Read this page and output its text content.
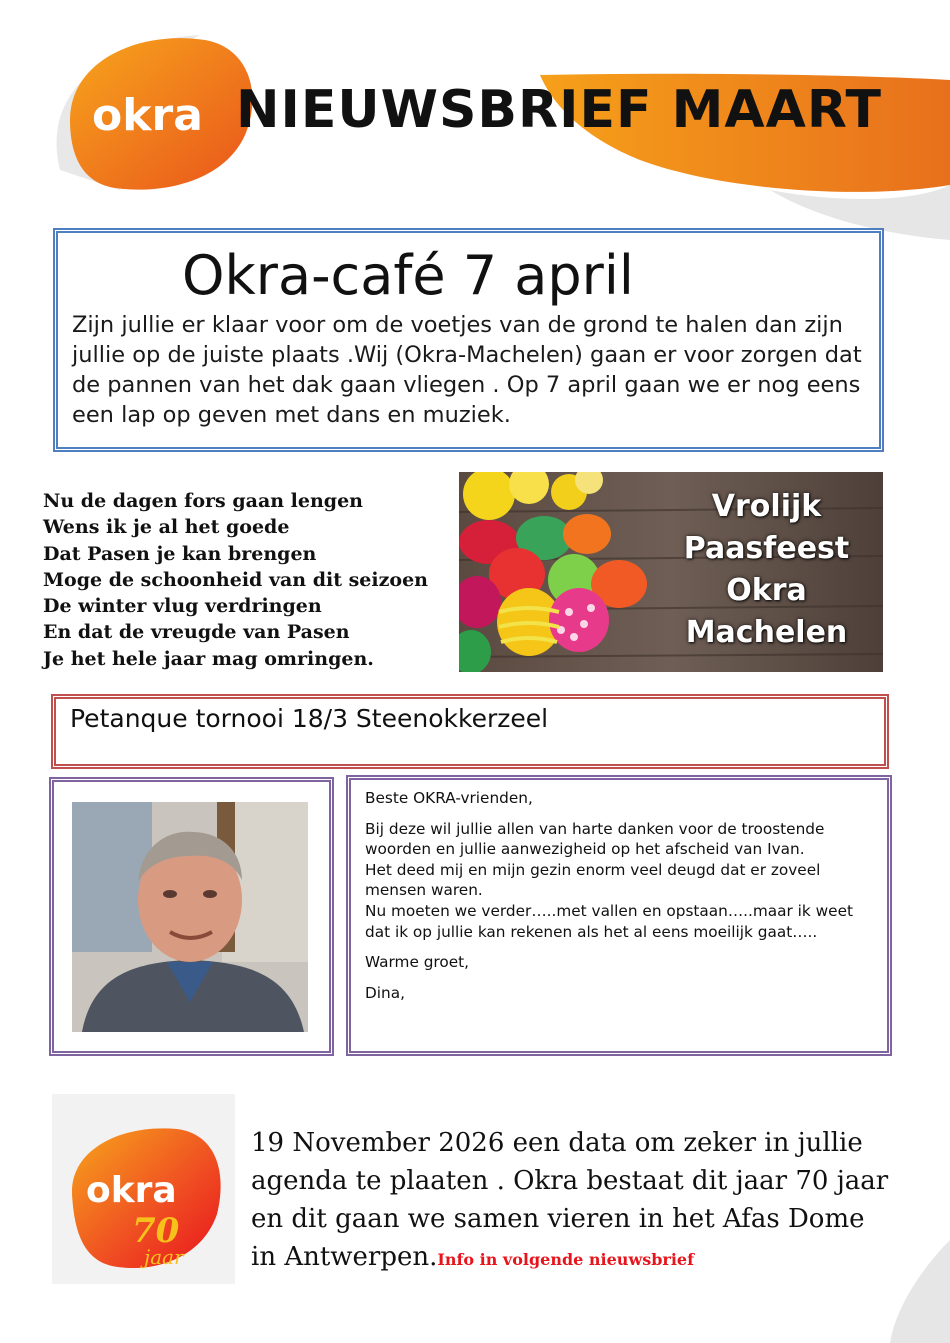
okra NIEUWSBRIEF MAART
Okra-café 7 april
Zijn jullie er klaar voor om de voetjes van de grond te halen dan zijn jullie op de juiste plaats .Wij (Okra-Machelen) gaan er voor zorgen dat de pannen van het dak gaan vliegen . Op 7 april gaan we er nog eens een lap op geven met dans en muziek.
Nu de dagen fors gaan lengen
Wens ik je al het goede
Dat Pasen je kan brengen
Moge de schoonheid van dit seizoen
De winter vlug verdringen
En dat de vreugde van Pasen
Je het hele jaar mag omringen.
Vrolijk
Paasfeest
Okra
Machelen
Petanque tornooi 18/3 Steenokkerzeel

Beste OKRA-vrienden,

Bij deze wil jullie allen van harte danken voor de troostende woorden en jullie aanwezigheid op het afscheid van Ivan.

Het deed mij en mijn gezin enorm veel deugd dat er zoveel mensen waren.

Nu moeten we verder…..met vallen en opstaan…..maar ik weet dat ik op jullie kan rekenen als het al eens moeilijk gaat…..

Warme groet,

Dina,

okra
70
jaar
19 November 2026 een data om zeker in jullie agenda te plaaten . Okra bestaat dit jaar 70 jaar en dit gaan we samen vieren in het Afas Dome in Antwerpen.Info in volgende nieuwsbrief
